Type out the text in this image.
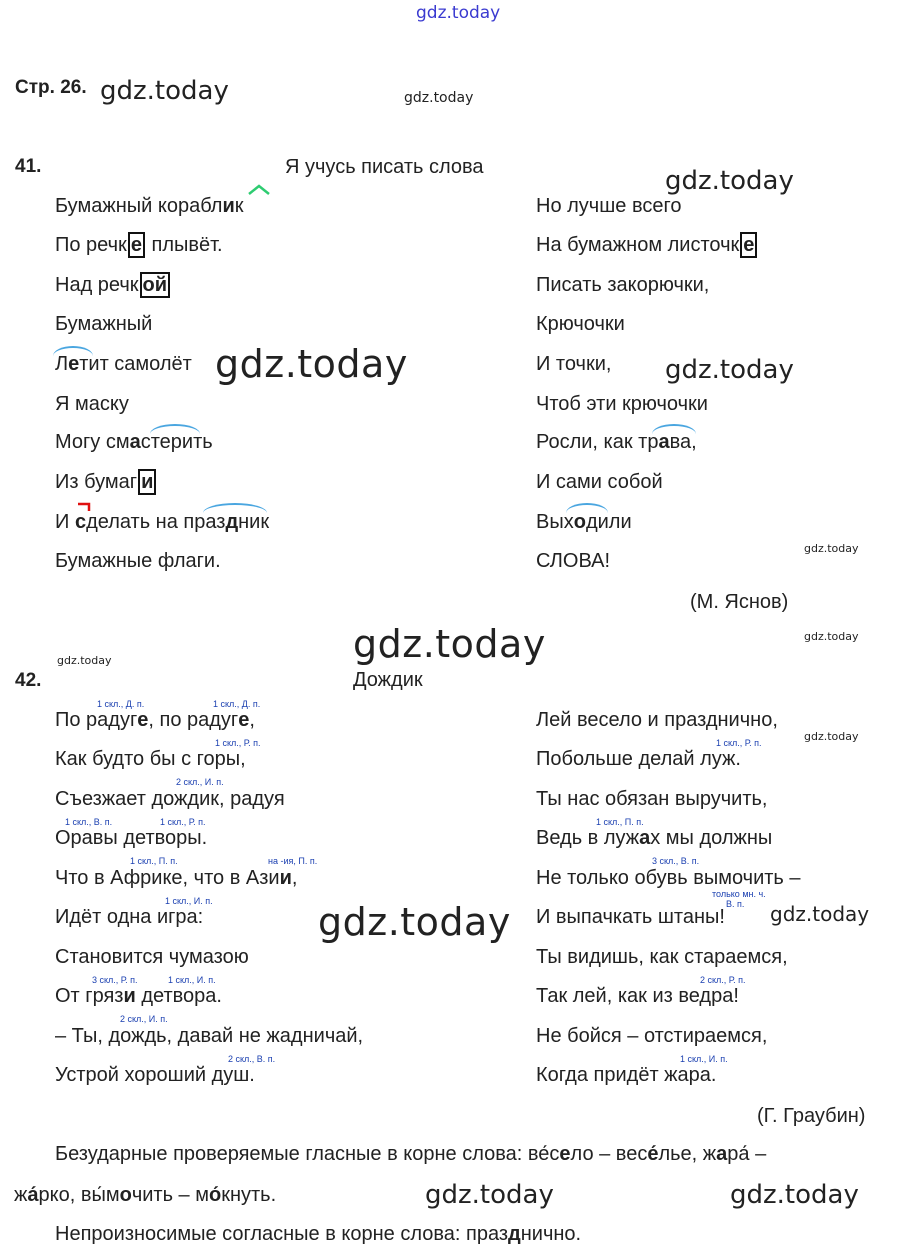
gdz.today
Стр. 26. gdz.today	gdz.today
41.	Я учусь писать слова	gdz.today
Бумажный кораблик
По речк е плывёт.
Над речк ой
Бумажный
Летит самолёт gdz.today
Я маску
Могу смастерить
Из бумаг и
И сделать на праздник
Бумажные флаги.
Но лучше всего
На бумажном листочк е
Писать закорючки,
Крючочки
И точки, gdz.today
Чтоб эти крючочки
Росли, как трава,
И сами собой
Выходили
СЛОВА!
gdz.today
(М. Яснов)
gdz.today
gdz.today
gdz.today
42.	Дождик
1 скл., Д. п.	1 скл., Д. п.
1 скл., Р. п.
2 скл., И. п.
1 скл., В. п.	1 скл., Р. п.
1 скл., П. п.	на -ия, П. п.
1 скл., И. п.
3 скл., Р. п.	1 скл., И. п.
2 скл., И. п.
2 скл., В. п.
1 скл., Р. п.
1 скл., П. п.
3 скл., В. п.
только мн. ч.
В. п.
2 скл., Р. п.
1 скл., И. п.
По радуге, по радуге,
Как будто бы с горы,
Съезжает дождик, радуя
Оравы детворы.
Что в Африке, что в Азии,
Идёт одна игра:	gdz.today
Становится чумазою
От грязи детвора.
– Ты, дождь, давай не жадничай,
Устрой хороший душ.
Лей весело и празднично,
gdz.today
Побольше делай луж.
Ты нас обязан выручить,
Ведь в лужах мы должны
Не только обувь вымочить –
И выпачкать штаны! gdz.today
Ты видишь, как стараемся,
Так лей, как из ведра!
Не бойся – отстираемся,
Когда придёт жара.
(Г. Граубин)
Безударные проверяемые гласные в корне слова: ве́село – весе́лье, жара́ –
жа́рко, вы́мочить – мо́кнуть.	gdz.today	gdz.today
Непроизносимые согласные в корне слова: празднично.
